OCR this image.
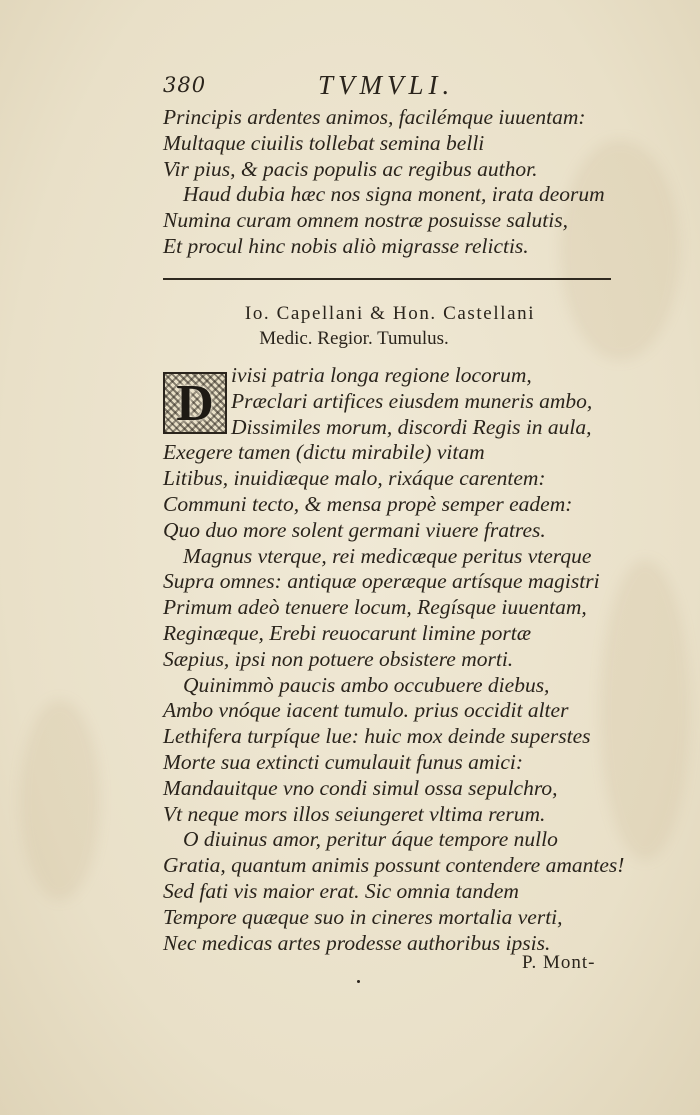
380	TVMVLI.
Principis ardentes animos, facilémque iuuentam:
Multaque ciuilis tollebat semina belli
Vir pius, & pacis populis ac regibus author.
Haud dubia hæc nos signa monent, irata deorum
Numina curam omnem nostræ posuisse salutis,
Et procul hinc nobis aliò migrasse relictis.
Io. Capellani & Hon. Castellani
Medic. Regior. Tumulus.
D ivisi patria longa regione locorum,
Præclari artifices eiusdem muneris ambo,
Dissimiles morum, discordi Regis in aula,
Exegere tamen (dictu mirabile) vitam
Litibus, inuidiæque malo, rixáque carentem:
Communi tecto, & mensa propè semper eadem:
Quo duo more solent germani viuere fratres.
Magnus vterque, rei medicæque peritus vterque
Supra omnes: antiquæ operæque artísque magistri
Primum adeò tenuere locum, Regísque iuuentam,
Reginæque, Erebi reuocarunt limine portæ
Sæpius, ipsi non potuere obsistere morti.
Quinimmò paucis ambo occubuere diebus,
Ambo vnóque iacent tumulo. prius occidit alter
Lethifera turpíque lue: huic mox deinde superstes
Morte sua extincti cumulauit funus amici:
Mandauitque vno condi simul ossa sepulchro,
Vt neque mors illos seiungeret vltima rerum.
O diuinus amor, peritur áque tempore nullo
Gratia, quantum animis possunt contendere amantes!
Sed fati vis maior erat. Sic omnia tandem
Tempore quæque suo in cineres mortalia verti,
Nec medicas artes prodesse authoribus ipsis.
P. Mont-
